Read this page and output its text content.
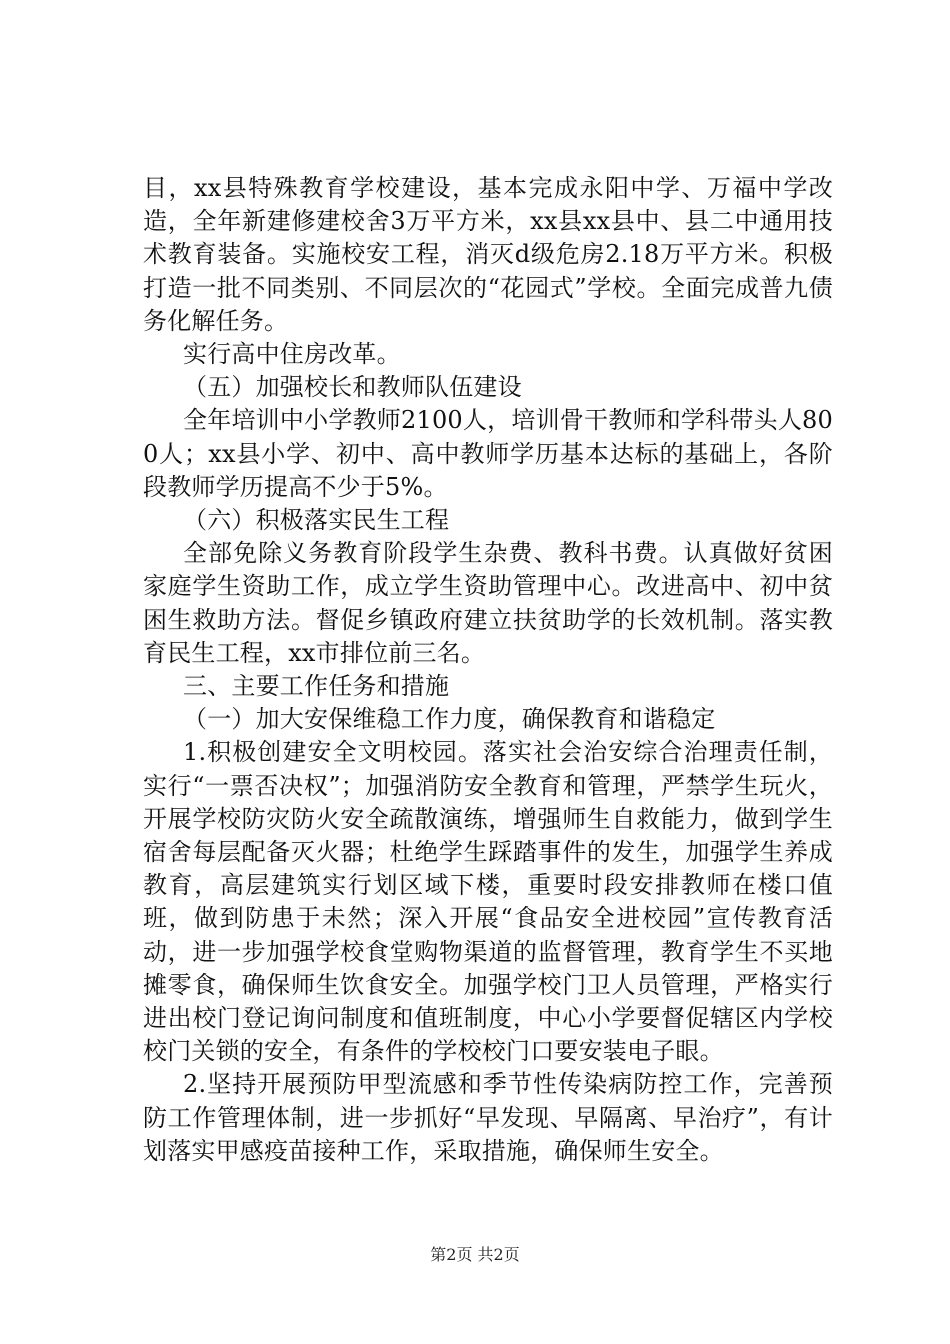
目，xx县特殊教育学校建设，基本完成永阳中学、万福中学改造，全年新建修建校舍3万平方米，xx县xx县中、县二中通用技术教育装备。实施校安工程，消灭d级危房2.18万平方米。积极打造一批不同类别、不同层次的“花园式”学校。全面完成普九债务化解任务。

实行高中住房改革。

（五）加强校长和教师队伍建设

全年培训中小学教师2100人，培训骨干教师和学科带头人800人；xx县小学、初中、高中教师学历基本达标的基础上，各阶段教师学历提高不少于5%。

（六）积极落实民生工程

全部免除义务教育阶段学生杂费、教科书费。认真做好贫困家庭学生资助工作，成立学生资助管理中心。改进高中、初中贫困生救助方法。督促乡镇政府建立扶贫助学的长效机制。落实教育民生工程，xx市排位前三名。

三、主要工作任务和措施

（一）加大安保维稳工作力度，确保教育和谐稳定

1.积极创建安全文明校园。落实社会治安综合治理责任制，实行“一票否决权”；加强消防安全教育和管理，严禁学生玩火，开展学校防灾防火安全疏散演练，增强师生自救能力，做到学生宿舍每层配备灭火器；杜绝学生踩踏事件的发生，加强学生养成教育，高层建筑实行划区域下楼，重要时段安排教师在楼口值班，做到防患于未然；深入开展“食品安全进校园”宣传教育活动，进一步加强学校食堂购物渠道的监督管理，教育学生不买地摊零食，确保师生饮食安全。加强学校门卫人员管理，严格实行进出校门登记询问制度和值班制度，中心小学要督促辖区内学校校门关锁的安全，有条件的学校校门口要安装电子眼。

2.坚持开展预防甲型流感和季节性传染病防控工作，完善预防工作管理体制，进一步抓好“早发现、早隔离、早治疗”，有计划落实甲感疫苗接种工作，采取措施，确保师生安全。

第2页 共2页
